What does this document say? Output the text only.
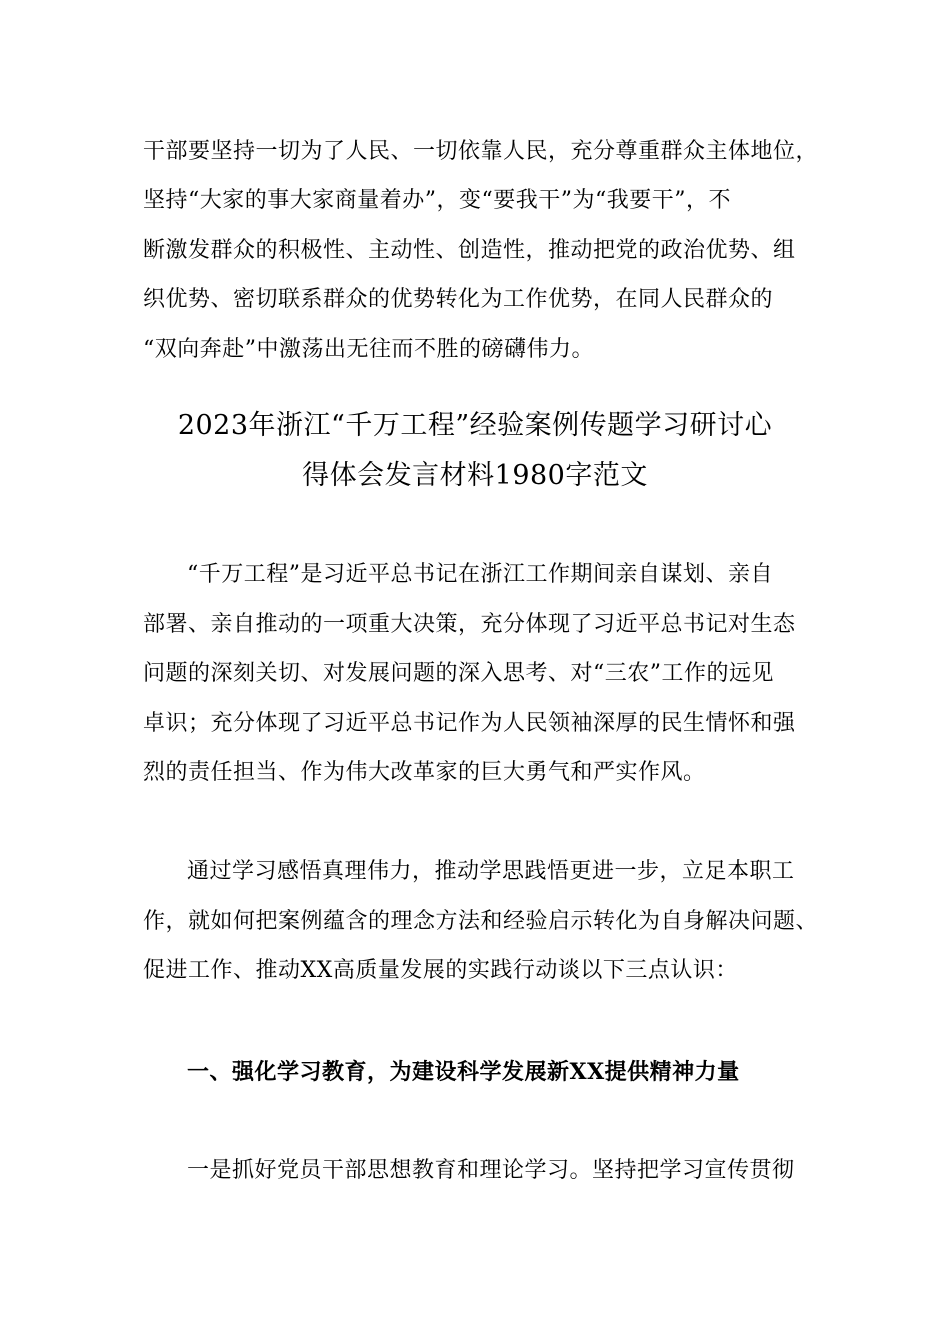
干部要坚持一切为了人民、一切依靠人民，充分尊重群众主体地位，
坚持“大家的事大家商量着办”，变“要我干”为“我要干”，不
断激发群众的积极性、主动性、创造性，推动把党的政治优势、组
织优势、密切联系群众的优势转化为工作优势，在同人民群众的
“双向奔赴”中激荡出无往而不胜的磅礴伟力。
2023年浙江“千万工程”经验案例传题学习研讨心
得体会发言材料1980字范文
“千万工程”是习近平总书记在浙江工作期间亲自谋划、亲自
部署、亲自推动的一项重大决策，充分体现了习近平总书记对生态
问题的深刻关切、对发展问题的深入思考、对“三农”工作的远见
卓识；充分体现了习近平总书记作为人民领袖深厚的民生情怀和强
烈的责任担当、作为伟大改革家的巨大勇气和严实作风。
通过学习感悟真理伟力，推动学思践悟更进一步，立足本职工
作，就如何把案例蕴含的理念方法和经验启示转化为自身解决问题、
促进工作、推动XX高质量发展的实践行动谈以下三点认识：
一、强化学习教育，为建设科学发展新XX提供精神力量
一是抓好党员干部思想教育和理论学习。坚持把学习宣传贯彻
